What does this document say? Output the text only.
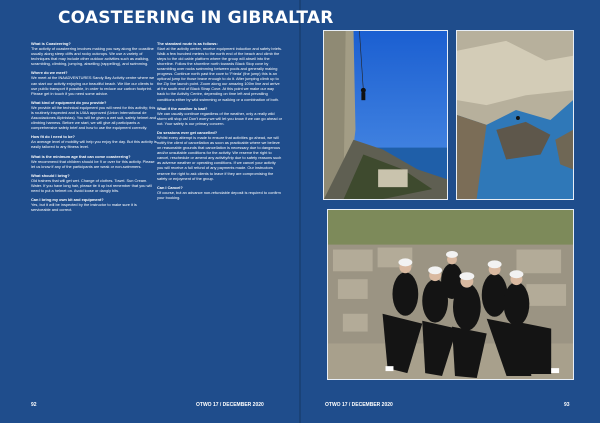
COASTEERING IN GIBRALTAR

What is Coasteering?

The activity of coasteering involves making you way along the coastline usually along steep cliffs and rocky outcrops. We use a variety of techniques that may include other outdoor activities such as walking, scrambling, climbing, jumping, abseiling (rappelling), and swimming.

Where do we meet?

We meet at the INAADVENTURES Sandy Bay Activity centre where we can start our activity enjoying our beautiful beach. We like our clients to use public transport if possible, in order to reduce our carbon footprint. Please get in touch if you need some advice.

What kind of equipment do you provide?

We provide all the technical equipment you will need for this activity; this is routinely inspected and is UIAA approved (Union International de Associaciones Alpinistas). You will be given a wet suit, safety helmet and climbing harness. Before we start, we will give all participants a comprehensive safety brief and how to use the equipment correctly.

How fit do I need to be?

An average level of mobility will help you enjoy the day. But this activity is easily tailored to any fitness level.

What is the minimum age that can come coasteering?

We recommend that children should be 9 or over for this activity. Please let us know if any of the participants are weak or non-swimmers.

What should I bring?

Old trainers that will get wet. Change of clothes. Towel. Sun Cream. Water. If you have long hair, please tie it up but remember that you will need to put a helmet on. Avoid loose or dangly bits.

Can I bring my own kit and equipment?

Yes, but it will be inspected by the instructor to make sure it is serviceable and correct.

The standard route is as follows:

Start at the activity center, receive equipment induction and safety briefs. Walk a few hundred meters to the north end of the beach and climb the steps to the old cable platform where the group will abseil into the shoreline. Follow the shoreline north towards Black Stop cove by scrambling over rocks swimming between pools and generally making progress. Continue north past the cove to 'Frieda' (the jump) this is an optional jump for those brave enough to do it. After jumping climb up to the Zip line launch point. Zoom along our amazing 100m line and arrive at the south end of Black Strap Cove. At this point we make our way back to the Activity Centre, depending on time left and prevailing conditions either by wild swimming or walking or a combination of both.

What if the weather is bad?

We can usually continue regardless of the weather, only a really wild storm will stop us! Don't worry we will let you know if we can go ahead or not. Your safety is our primary concern.

Do sessions ever get cancelled?

Whilst every attempt is made to ensure that activities go ahead, we will notify the client of cancellation as soon as practicable where we believe on reasonable grounds that cancellation is necessary due to dangerous and/or unsuitable conditions for the activity. We reserve the right to cancel, reschedule or amend any activity/trip due to safety reasons such as adverse weather or operating conditions. If we cancel your activity you will receive a full refund of any payments made. Our instructors reserve the right to ask clients to leave if they are compromising the safety or enjoyment of the group.

Can I Cancel?

Of course, but an advance non-refundable deposit is required to confirm your booking.

92	OTWO 17 / DECEMBER 2020	OTWO 17 / DECEMBER 2020	93
